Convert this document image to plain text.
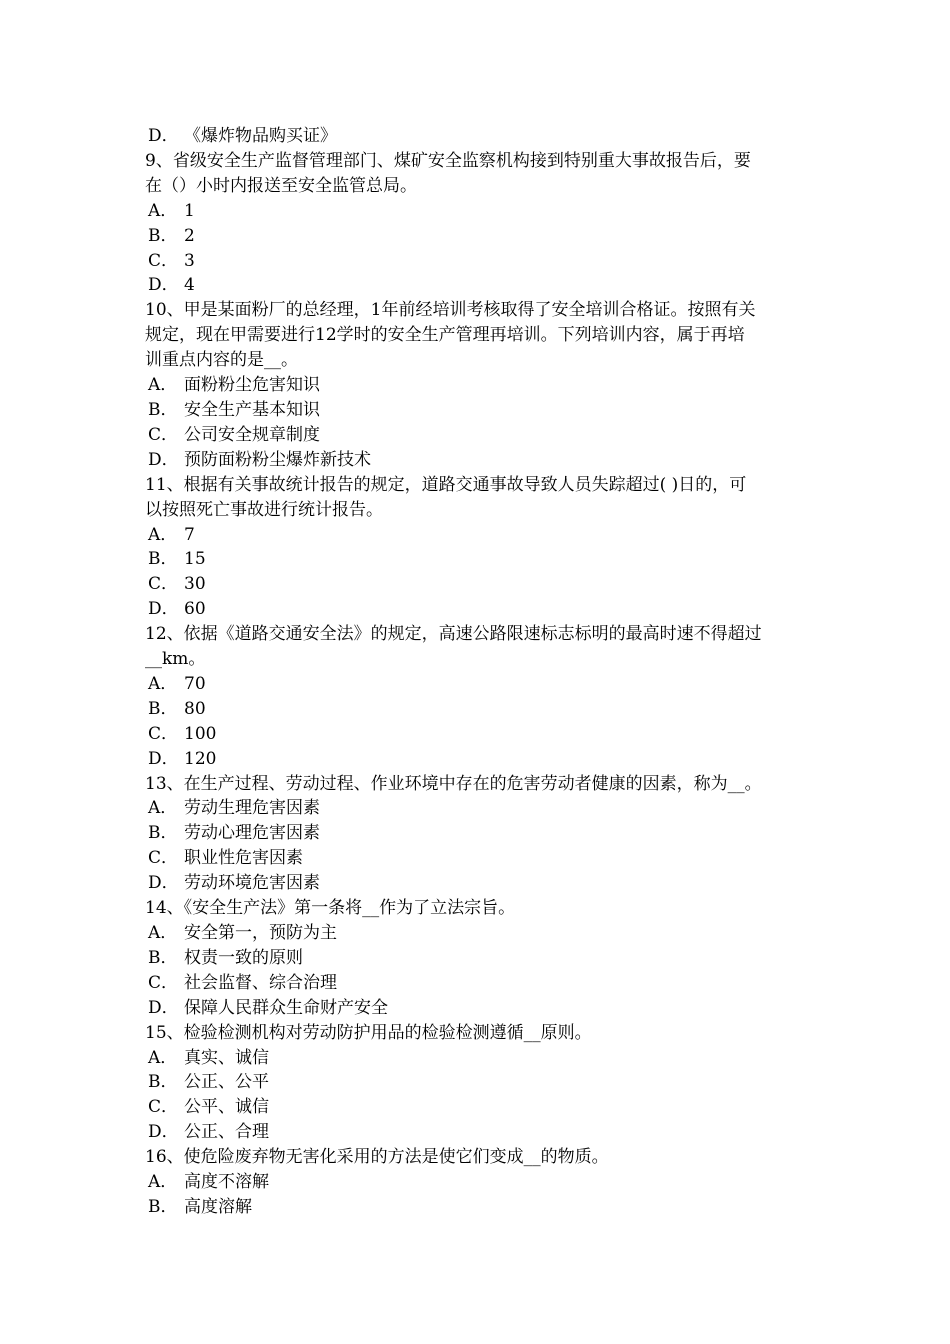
D． 《爆炸物品购买证》
9、省级安全生产监督管理部门、煤矿安全监察机构接到特别重大事故报告后，要
在（）小时内报送至安全监管总局。
A． 1
B． 2
C． 3
D． 4
10、甲是某面粉厂的总经理，1年前经培训考核取得了安全培训合格证。按照有关
规定，现在甲需要进行12学时的安全生产管理再培训。下列培训内容，属于再培
训重点内容的是__。
A． 面粉粉尘危害知识
B． 安全生产基本知识
C． 公司安全规章制度
D． 预防面粉粉尘爆炸新技术
11、根据有关事故统计报告的规定，道路交通事故导致人员失踪超过( )日的，可
以按照死亡事故进行统计报告。
A． 7
B． 15
C． 30
D． 60
12、依据《道路交通安全法》的规定，高速公路限速标志标明的最高时速不得超过
__km。
A． 70
B． 80
C． 100
D． 120
13、在生产过程、劳动过程、作业环境中存在的危害劳动者健康的因素，称为__。
A． 劳动生理危害因素
B． 劳动心理危害因素
C． 职业性危害因素
D． 劳动环境危害因素
14、《安全生产法》第一条将__作为了立法宗旨。
A． 安全第一，预防为主
B． 权责一致的原则
C． 社会监督、综合治理
D． 保障人民群众生命财产安全
15、检验检测机构对劳动防护用品的检验检测遵循__原则。
A． 真实、诚信
B． 公正、公平
C． 公平、诚信
D． 公正、合理
16、使危险废弃物无害化采用的方法是使它们变成__的物质。
A． 高度不溶解
B． 高度溶解
